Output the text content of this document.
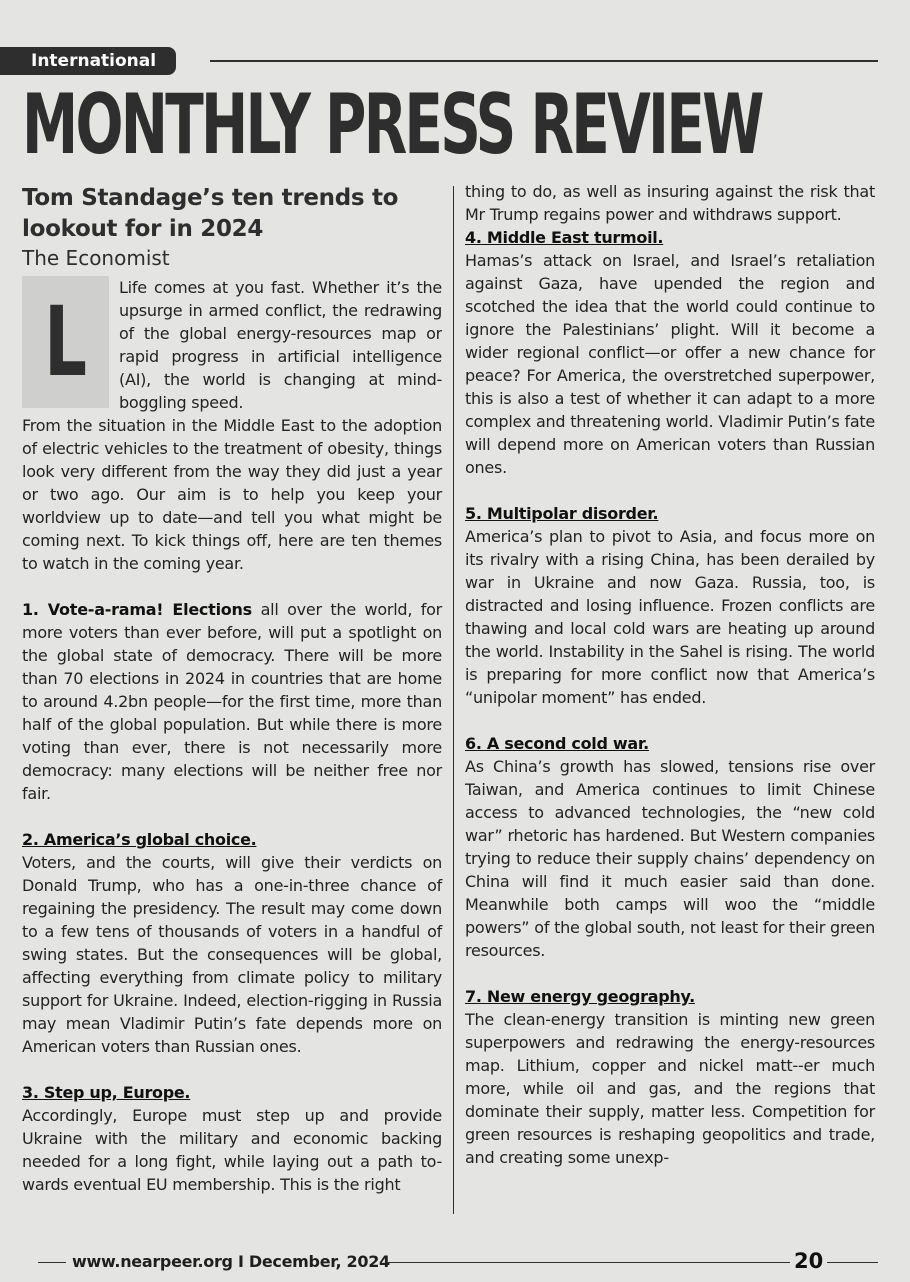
International
MONTHLY PRESS REVIEW
Tom Standage’s ten trends to lookout for in 2024
The Economist
L	Life comes at you fast. Whether it’s the upsurge in armed conflict, the redrawing of the global energy-resources map or rapid progress in artificial intelligence (AI), the world is changing at mind-boggling speed.

From the situation in the Middle East to the adoption of electric vehicles to the treatment of obesity, things look very different from the way they did just a year or two ago. Our aim is to help you keep your worldview up to date—and tell you what might be coming next. To kick things off, here are ten themes to watch in the coming year.

1. Vote-a-rama! Elections all over the world, for more voters than ever before, will put a spotlight on the global state of democracy. There will be more than 70 elections in 2024 in countries that are home to around 4.2bn people—for the first time, more than half of the global population. But while there is more voting than ever, there is not necessarily more democracy: many elections will be neither free nor fair.

2. America’s global choice.

Voters, and the courts, will give their verdicts on Donald Trump, who has a one-in-three chance of regaining the presidency. The result may come down to a few tens of thousands of voters in a handful of swing states. But the consequences will be global, affecting everything from climate policy to military support for Ukraine. Indeed, election-rigging in Russia may mean Vladimir Putin’s fate depends more on American voters than Russian ones.

3. Step up, Europe.

Accordingly, Europe must step up and provide Ukraine with the military and economic backing needed for a long fight, while laying out a path to-wards eventual EU membership. This is the right

thing to do, as well as insuring against the risk that Mr Trump regains power and withdraws support.

4. Middle East turmoil.

Hamas’s attack on Israel, and Israel’s retaliation against Gaza, have upended the region and scotched the idea that the world could continue to ignore the Palestinians’ plight. Will it become a wider regional conflict—or offer a new chance for peace? For America, the overstretched superpower, this is also a test of whether it can adapt to a more complex and threatening world. Vladimir Putin’s fate will depend more on American voters than Russian ones.

5. Multipolar disorder.

America’s plan to pivot to Asia, and focus more on its rivalry with a rising China, has been derailed by war in Ukraine and now Gaza. Russia, too, is distracted and losing influence. Frozen conflicts are thawing and local cold wars are heating up around the world. Instability in the Sahel is rising. The world is preparing for more conflict now that America’s “unipolar moment” has ended.

6. A second cold war.

As China’s growth has slowed, tensions rise over Taiwan, and America continues to limit Chinese access to advanced technologies, the “new cold war” rhetoric has hardened. But Western companies trying to reduce their supply chains’ dependency on China will find it much easier said than done. Meanwhile both camps will woo the “middle powers” of the global south, not least for their green resources.

7. New energy geography.

The clean-energy transition is minting new green superpowers and redrawing the energy-resources map. Lithium, copper and nickel matt--er much more, while oil and gas, and the regions that dominate their supply, matter less. Competition for green resources is reshaping geopolitics and trade, and creating some unexp-

www.nearpeer.org I December, 2024	20
